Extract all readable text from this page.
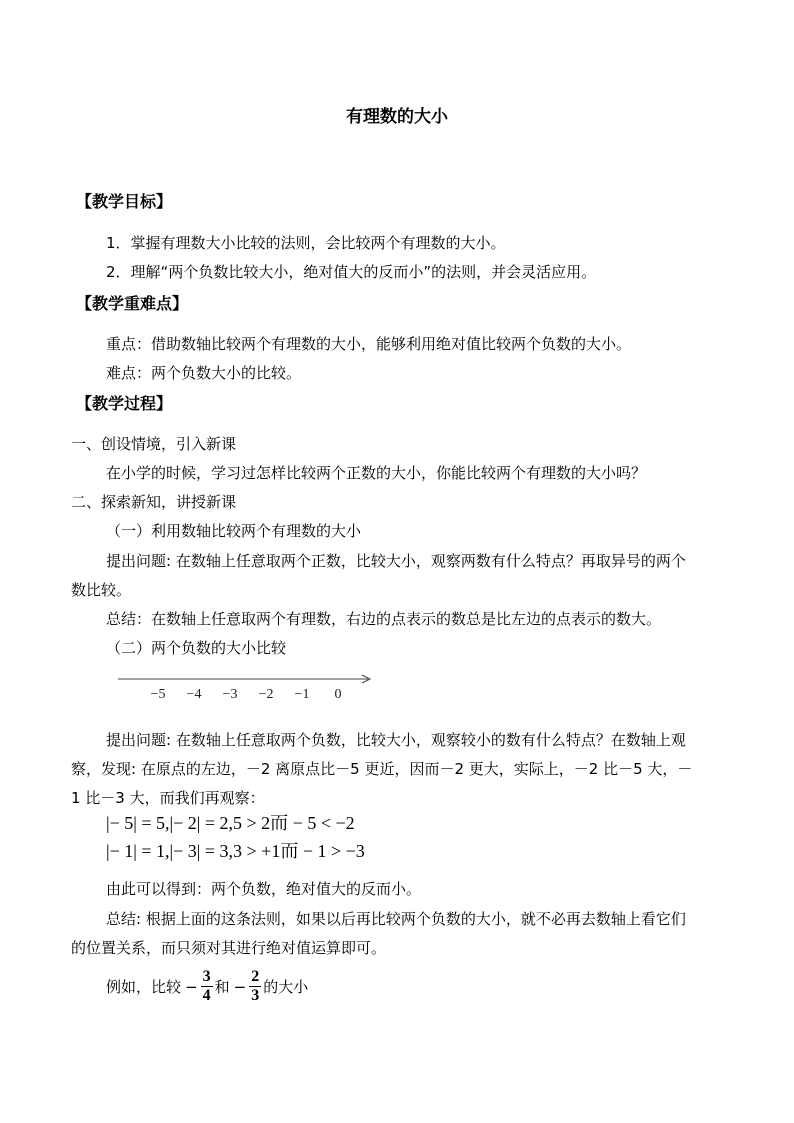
有理数的大小
【教学目标】
1．掌握有理数大小比较的法则，会比较两个有理数的大小。
2．理解“两个负数比较大小，绝对值大的反而小”的法则，并会灵活应用。
【教学重难点】
重点：借助数轴比较两个有理数的大小，能够利用绝对值比较两个负数的大小。
难点：两个负数大小的比较。
【教学过程】
一、创设情境，引入新课
在小学的时候，学习过怎样比较两个正数的大小，你能比较两个有理数的大小吗？
二、探索新知，讲授新课
（一）利用数轴比较两个有理数的大小
提出问题: 在数轴上任意取两个正数，比较大小，观察两数有什么特点？再取异号的两个
数比较。
总结：在数轴上任意取两个有理数，右边的点表示的数总是比左边的点表示的数大。
（二）两个负数的大小比较
−5 −4 −3 −2 −1 0
提出问题: 在数轴上任意取两个负数，比较大小，观察较小的数有什么特点？在数轴上观
察，发现: 在原点的左边，－2 离原点比－5 更近，因而－2 更大，实际上，－2 比－5 大，－
1 比－3 大，而我们再观察：
|− 5| = 5,|− 2| = 2,5 > 2而 − 5 < −2
|− 1| = 1,|− 3| = 3,3 > +1而 − 1 > −3
由此可以得到：两个负数，绝对值大的反而小。
总结: 根据上面的这条法则，如果以后再比较两个负数的大小，就不必再去数轴上看它们
的位置关系，而只须对其进行绝对值运算即可。
例如，比较 − $\frac{3}{4}$ 和 − $\frac{2}{3}$ 的大小
